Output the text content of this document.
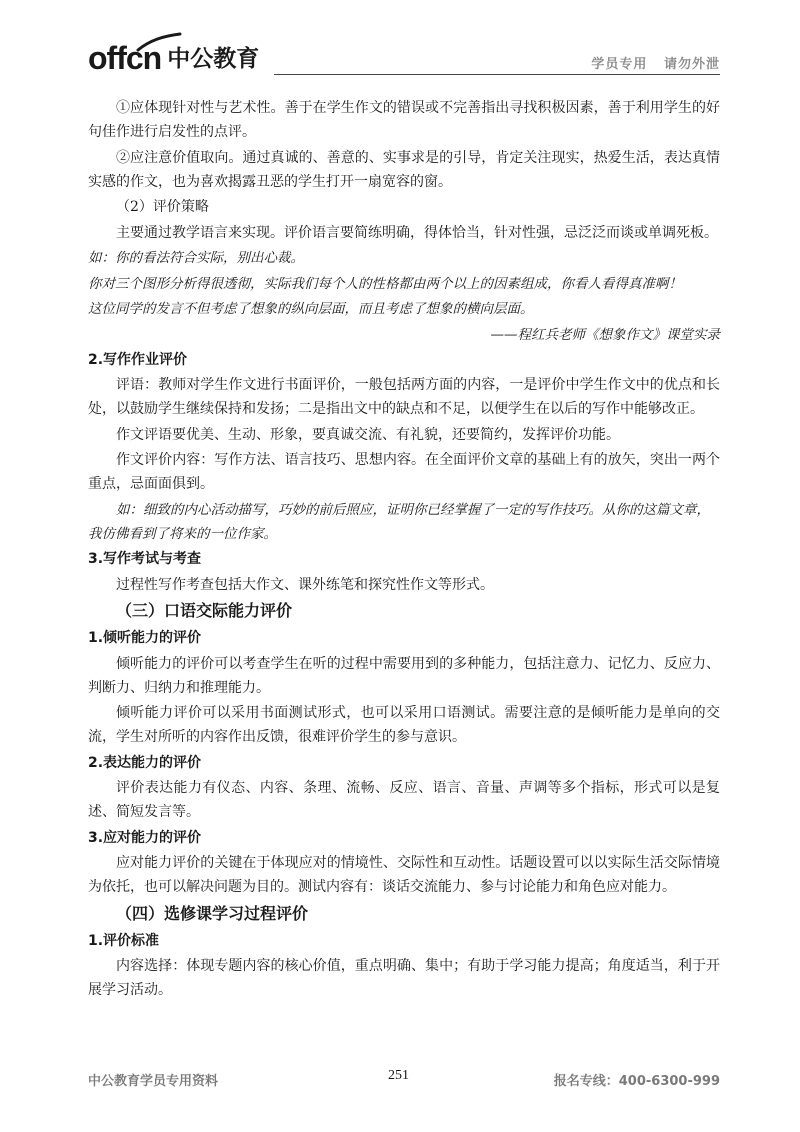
offcn 中公教育	学员专用   请勿外泄

①应体现针对性与艺术性。善于在学生作文的错误或不完善指出寻找积极因素，善于利用学生的好句佳作进行启发性的点评。

②应注意价值取向。通过真诚的、善意的、实事求是的引导，肯定关注现实，热爱生活，表达真情实感的作文，也为喜欢揭露丑恶的学生打开一扇宽容的窗。

（2）评价策略

主要通过教学语言来实现。评价语言要简练明确，得体恰当，针对性强，忌泛泛而谈或单调死板。

如：你的看法符合实际，别出心裁。

你对三个图形分析得很透彻，实际我们每个人的性格都由两个以上的因素组成，你看人看得真准啊！

这位同学的发言不但考虑了想象的纵向层面，而且考虑了想象的横向层面。

——程红兵老师《想象作文》课堂实录

2.写作作业评价

评语：教师对学生作文进行书面评价，一般包括两方面的内容，一是评价中学生作文中的优点和长处，以鼓励学生继续保持和发扬；二是指出文中的缺点和不足，以便学生在以后的写作中能够改正。

作文评语要优美、生动、形象，要真诚交流、有礼貌，还要简约，发挥评价功能。

作文评价内容：写作方法、语言技巧、思想内容。在全面评价文章的基础上有的放矢，突出一两个重点，忌面面俱到。

如：细致的内心活动描写，巧妙的前后照应，证明你已经掌握了一定的写作技巧。从你的这篇文章，我仿佛看到了将来的一位作家。

3.写作考试与考查

过程性写作考查包括大作文、课外练笔和探究性作文等形式。

（三）口语交际能力评价
1.倾听能力的评价

倾听能力的评价可以考查学生在听的过程中需要用到的多种能力，包括注意力、记忆力、反应力、判断力、归纳力和推理能力。

倾听能力评价可以采用书面测试形式，也可以采用口语测试。需要注意的是倾听能力是单向的交流，学生对所听的内容作出反馈，很难评价学生的参与意识。

2.表达能力的评价

评价表达能力有仪态、内容、条理、流畅、反应、语言、音量、声调等多个指标，形式可以是复述、简短发言等。

3.应对能力的评价

应对能力评价的关键在于体现应对的情境性、交际性和互动性。话题设置可以以实际生活交际情境为依托，也可以解决问题为目的。测试内容有：谈话交流能力、参与讨论能力和角色应对能力。

（四）选修课学习过程评价
1.评价标准

内容选择：体现专题内容的核心价值，重点明确、集中；有助于学习能力提高；角度适当，利于开展学习活动。

中公教育学员专用资料	251	报名专线：400-6300-999
